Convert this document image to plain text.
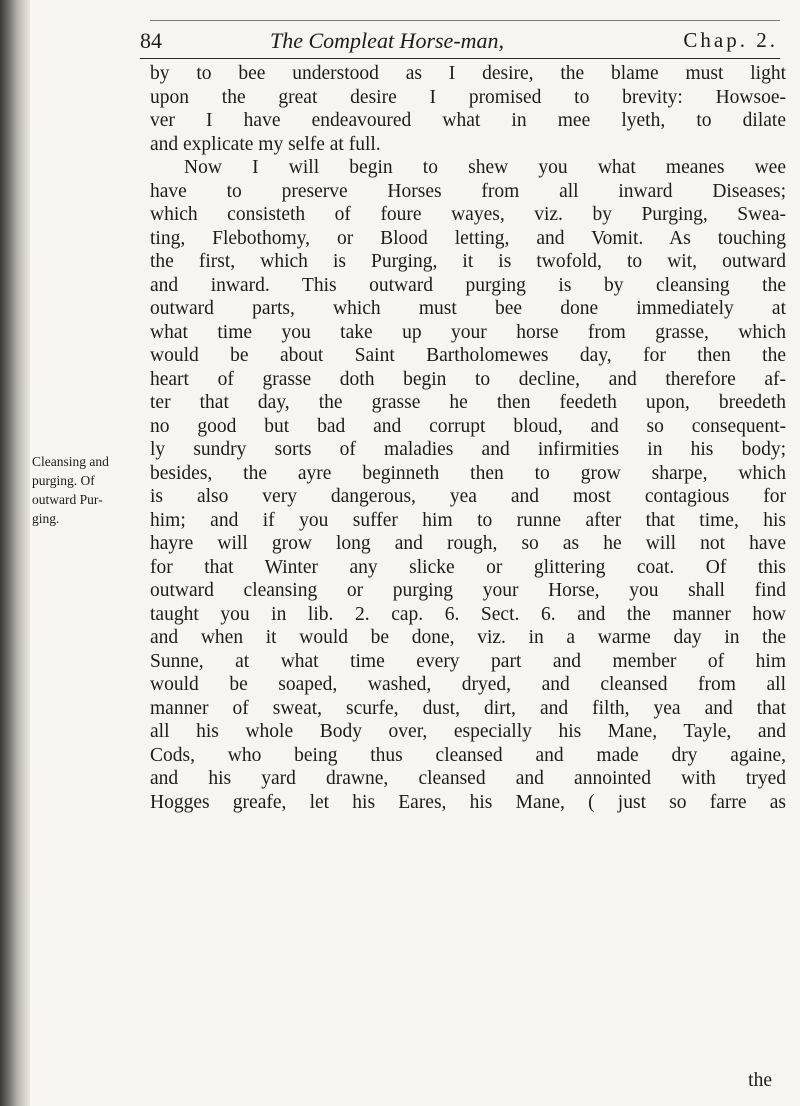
84	The Compleat Horse-man,	Chap. 2.
Cleansing and
purging. Of
outward Pur-
ging.
by to bee understood as I desire, the blame must light
upon the great desire I promised to brevity: Howsoe-
ver I have endeavoured what in mee lyeth, to dilate
and explicate my selfe at full.
Now I will begin to shew you what meanes wee
have to preserve Horses from all inward Diseases;
which consisteth of foure wayes, viz. by Purging, Swea-
ting, Flebothomy, or Blood letting, and Vomit. As touching
the first, which is Purging, it is twofold, to wit, outward
and inward. This outward purging is by cleansing the
outward parts, which must bee done immediately at
what time you take up your horse from grasse, which
would be about Saint Bartholomewes day, for then the
heart of grasse doth begin to decline, and therefore af-
ter that day, the grasse he then feedeth upon, breedeth
no good but bad and corrupt bloud, and so consequent-
ly sundry sorts of maladies and infirmities in his body;
besides, the ayre beginneth then to grow sharpe, which
is also very dangerous, yea and most contagious for
him; and if you suffer him to runne after that time, his
hayre will grow long and rough, so as he will not have
for that Winter any slicke or glittering coat. Of this
outward cleansing or purging your Horse, you shall find
taught you in lib. 2. cap. 6. Sect. 6. and the manner how
and when it would be done, viz. in a warme day in the
Sunne, at what time every part and member of him
would be soaped, washed, dryed, and cleansed from all
manner of sweat, scurfe, dust, dirt, and filth, yea and that
all his whole Body over, especially his Mane, Tayle, and
Cods, who being thus cleansed and made dry againe,
and his yard drawne, cleansed and annointed with tryed
Hogges greafe, let his Eares, his Mane, ( just so farre as
the
